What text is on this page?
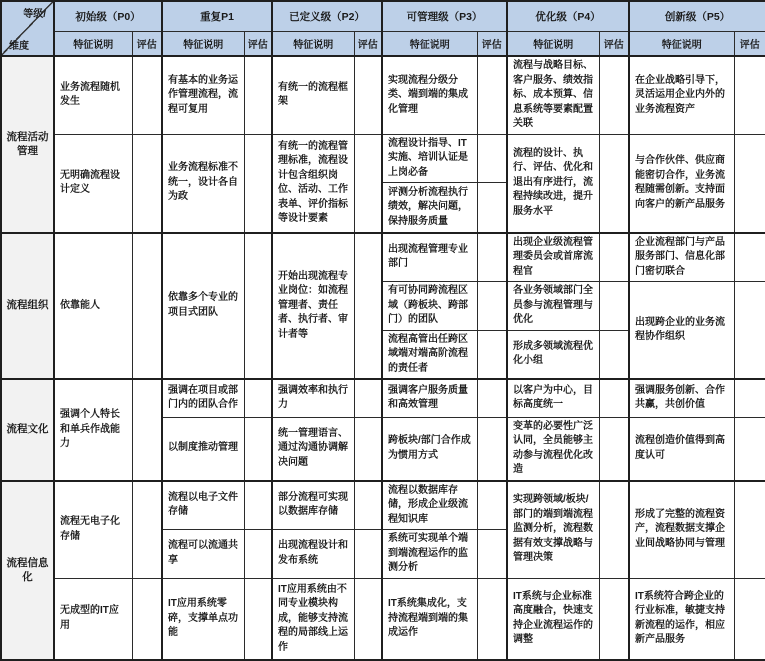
等级/
维度	初始级（P0）		重复P1		已定义级（P2）		可管理级（P3）		优化级（P4）		创新级（P5）	
	特征说明	评估	特征说明	评估	特征说明	评估	特征说明	评估	特征说明	评估	特征说明	评估
流程活动管理	业务流程随机发生		有基本的业务运作管理流程，流程可复用		有统一的流程框架		实现流程分级分类、端到端的集成化管理		流程与战略目标、客户服务、绩效指标、成本预算、信息系统等要素配置关联		在企业战略引导下，灵活运用企业内外的业务流程资产	
	无明确流程设计定义		业务流程标准不统一，设计各自为政		有统一的流程管理标准，流程设计包含组织岗位、活动、工作表单、评价指标等设计要素		流程设计指导、IT实施、培训认证是上岗必备		流程的设计、执行、评估、优化和退出有序进行，流程持续改进，提升服务水平		与合作伙伴、供应商能密切合作，业务流程随需创新。支持面向客户的新产品服务	
							评测分析流程执行绩效，解决问题，保持服务质量					
流程组织	依靠能人		依靠多个专业的项目式团队		开始出现流程专业岗位：如流程管理者、责任者、执行者、审计者等		出现流程管理专业部门		出现企业级流程管理委员会或首席流程官		企业流程部门与产品服务部门、信息化部门密切联合	
							有可协同跨流程区域（跨板块、跨部门）的团队		各业务领域部门全员参与流程管理与优化		出现跨企业的业务流程协作组织	
							流程高管出任跨区域端对端高阶流程的责任者		形成多领域流程优化小组			
流程文化	强调个人特长和单兵作战能力		强调在项目或部门内的团队合作		强调效率和执行力		强调客户服务质量和高效管理		以客户为中心，目标高度统一		强调服务创新、合作共赢，共创价值	
			以制度推动管理		统一管理语言、通过沟通协调解决问题		跨板块/部门合作成为惯用方式		变革的必要性广泛认同，全员能够主动参与流程优化改造		流程创造价值得到高度认可	
流程信息化	流程无电子化存储		流程以电子文件存储		部分流程可实现以数据库存储		流程以数据库存储，形成企业级流程知识库		实现跨领域/板块/部门的端到端流程监测分析，流程数据有效支撑战略与管理决策		形成了完整的流程资产，流程数据支撑企业间战略协同与管理	
			流程可以流通共享		出现流程设计和发布系统		系统可实现单个端到端流程运作的监测分析					
	无成型的IT应用		IT应用系统零碎，支撑单点功能		IT应用系统由不同专业模块构成，能够支持流程的局部线上运作		IT系统集成化，支持流程端到端的集成运作		IT系统与企业标准高度融合，快速支持企业流程运作的调整		IT系统符合跨企业的行业标准，敏捷支持新流程的运作，相应新产品服务	
